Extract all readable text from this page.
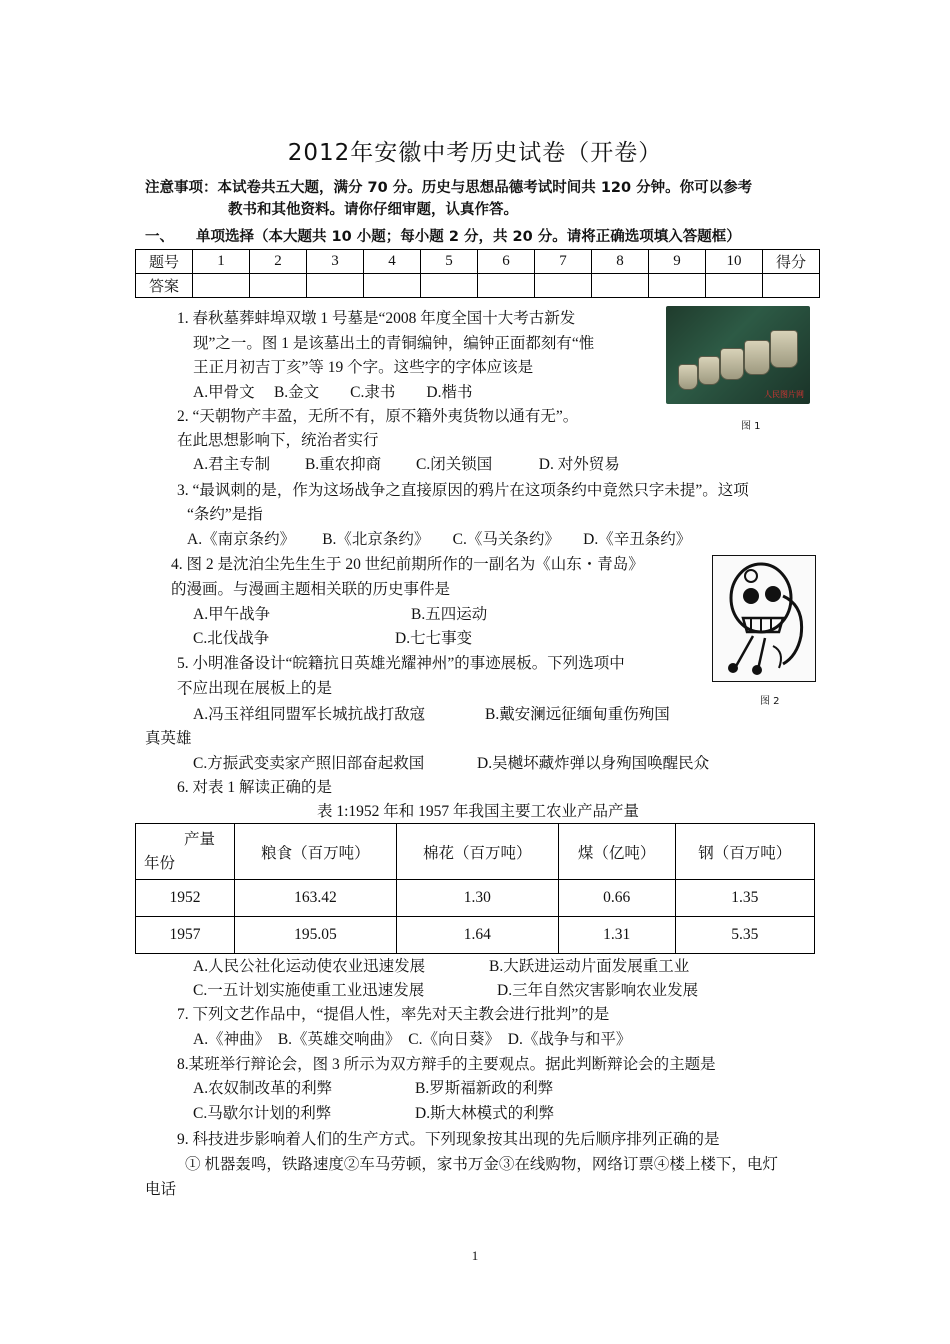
2012年安徽中考历史试卷（开卷）
注意事项：本试卷共五大题，满分 70 分。历史与思想品德考试时间共 120 分钟。你可以参考
教书和其他资料。请你仔细审题，认真作答。
一、 单项选择（本大题共 10 小题；每小题 2 分，共 20 分。请将正确选项填入答题框）
题号	1	2	3	4	5	6	7	8	9	10	得分
答案											
1. 春秋墓葬蚌埠双墩 1 号墓是“2008 年度全国十大考古新发
现”之一。图 1 是该墓出土的青铜编钟，编钟正面都刻有“惟
王正月初吉丁亥”等 19 个字。这些字的字体应该是
A.甲骨文　 B.金文　　C.隶书　　D.楷书	人民图片网
图 1
2. “天朝物产丰盈，无所不有，原不籍外夷货物以通有无”。
在此思想影响下，统治者实行
A.君主专制　　 B.重农抑商　　 C.闭关锁国　　　D. 对外贸易
3. “最讽刺的是，作为这场战争之直接原因的鸦片在这项条约中竟然只字未提”。这项
“条约”是指
A.《南京条约》　　 B.《北京条约》　　C.《马关条约》　　D.《辛丑条约》
4. 图 2 是沈泊尘先生生于 20 世纪前期所作的一副名为《山东・青岛》
的漫画。与漫画主题相关联的历史事件是
A.甲午战争	B.五四运动
C.北伐战争	D.七七事变
图 2
5. 小明准备设计“皖籍抗日英雄光耀神州”的事迹展板。下列选项中
不应出现在展板上的是
A.冯玉祥组同盟军长城抗战打敌寇	B.戴安澜远征缅甸重伤殉国
真英雄
C.方振武变卖家产照旧部奋起救国	D.吴樾坏藏炸弹以身殉国唤醒民众
6. 对表 1 解读正确的是
表 1:1952 年和 1957 年我国主要工农业产品产量
产量
年份	粮食（百万吨）	棉花（百万吨）	煤（亿吨）	钢（百万吨）
1952	163.42	1.30	0.66	1.35
1957	195.05	1.64	1.31	5.35
A.人民公社化运动使农业迅速发展	B.大跃进运动片面发展重工业
C.一五计划实施使重工业迅速发展	D.三年自然灾害影响农业发展
7. 下列文艺作品中，“提倡人性，率先对天主教会进行批判”的是
A.《神曲》　B.《英雄交响曲》　C.《向日葵》　D.《战争与和平》
8.某班举行辩论会，图 3 所示为双方辩手的主要观点。据此判断辩论会的主题是
A.农奴制改革的利弊	B.罗斯福新政的利弊
C.马歇尔计划的利弊	D.斯大林模式的利弊
9. 科技进步影响着人们的生产方式。下列现象按其出现的先后顺序排列正确的是
① 机器轰鸣，铁路速度②车马劳顿，家书万金③在线购物，网络订票④楼上楼下，电灯
电话
1
